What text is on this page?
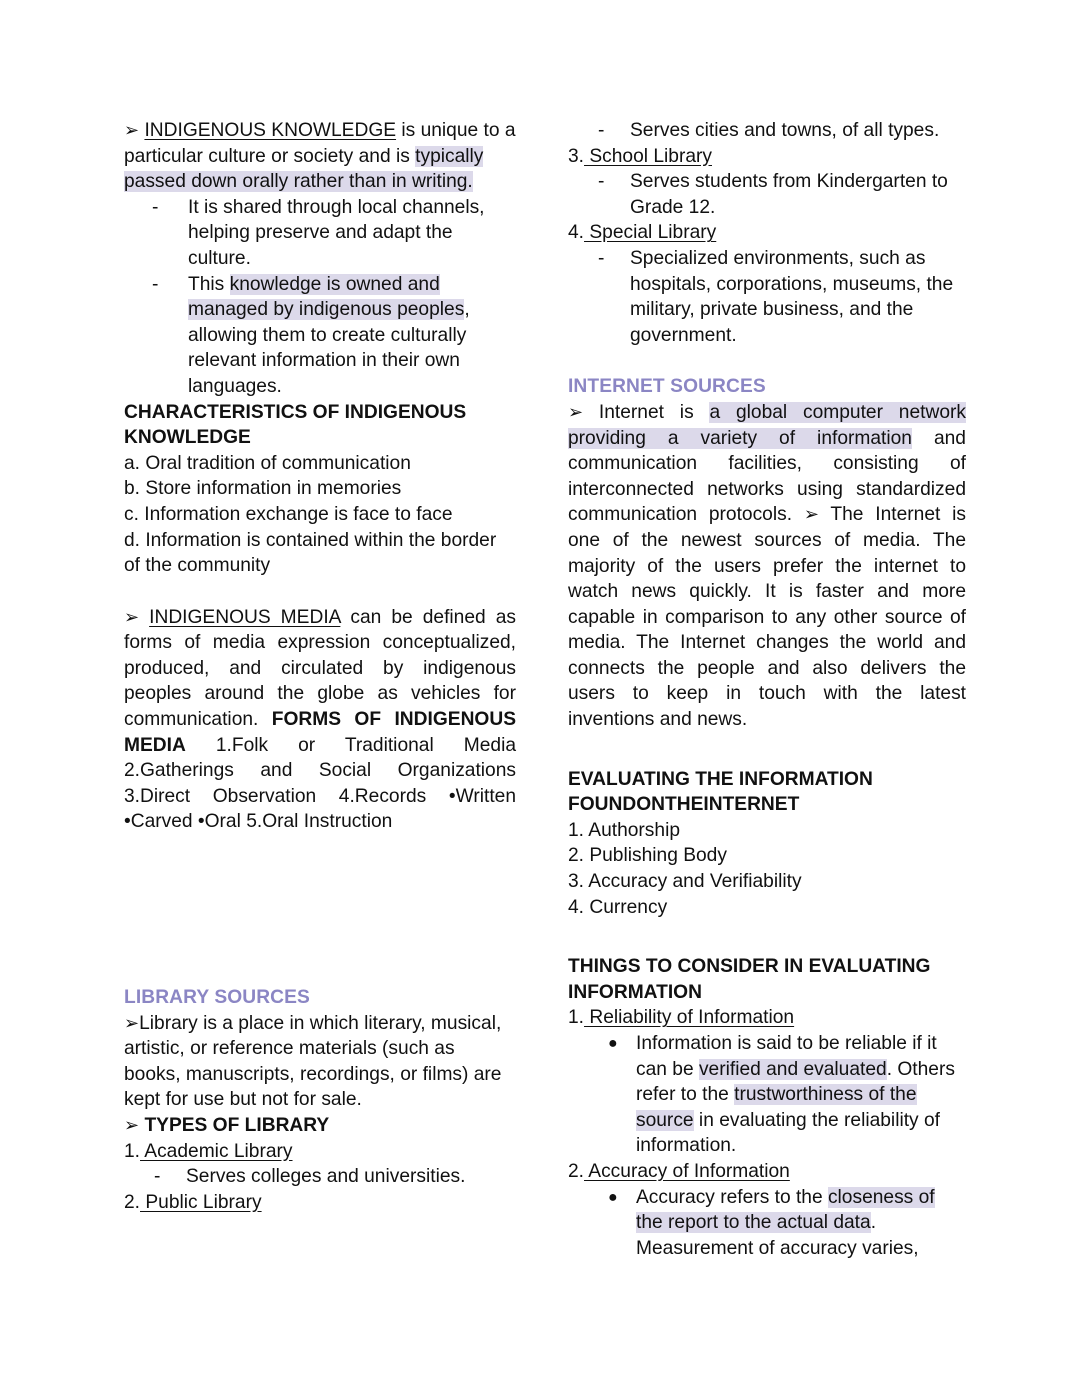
➢ INDIGENOUS KNOWLEDGE is unique to a particular culture or society and is typically passed down orally rather than in writing.
- It is shared through local channels, helping preserve and adapt the culture.
- This knowledge is owned and managed by indigenous peoples, allowing them to create culturally relevant information in their own languages.
CHARACTERISTICS OF INDIGENOUS
KNOWLEDGE
a. Oral tradition of communication
b. Store information in memories
c. Information exchange is face to face
d. Information is contained within the border of the community
➢ INDIGENOUS MEDIA can be defined as forms of media expression conceptualized, produced, and circulated by indigenous peoples around the globe as vehicles for communication. FORMS OF INDIGENOUS MEDIA 1.Folk or Traditional Media 2.Gatherings and Social Organizations 3.Direct Observation 4.Records •Written •Carved •Oral 5.Oral Instruction
LIBRARY SOURCES
➢Library is a place in which literary, musical, artistic, or reference materials (such as books, manuscripts, recordings, or films) are kept for use but not for sale.
➢ TYPES OF LIBRARY
1. Academic Library
- Serves colleges and universities.
2. Public Library
- Serves cities and towns, of all types.
3. School Library
- Serves students from Kindergarten to Grade 12.
4. Special Library
- Specialized environments, such as hospitals, corporations, museums, the military, private business, and the government.
INTERNET SOURCES
➢ Internet is a global computer network providing a variety of information and communication facilities, consisting of interconnected networks using standardized communication protocols. ➢ The Internet is one of the newest sources of media. The majority of the users prefer the internet to watch news quickly. It is faster and more capable in comparison to any other source of media. The Internet changes the world and connects the people and also delivers the users to keep in touch with the latest inventions and news.
EVALUATING THE INFORMATION
FOUNDONTHEINTERNET
1. Authorship
2. Publishing Body
3. Accuracy and Verifiability
4. Currency
THINGS TO CONSIDER IN EVALUATING
INFORMATION
1. Reliability of Information
● Information is said to be reliable if it can be verified and evaluated. Others refer to the trustworthiness of the source in evaluating the reliability of information.
2. Accuracy of Information
● Accuracy refers to the closeness of the report to the actual data. Measurement of accuracy varies,
